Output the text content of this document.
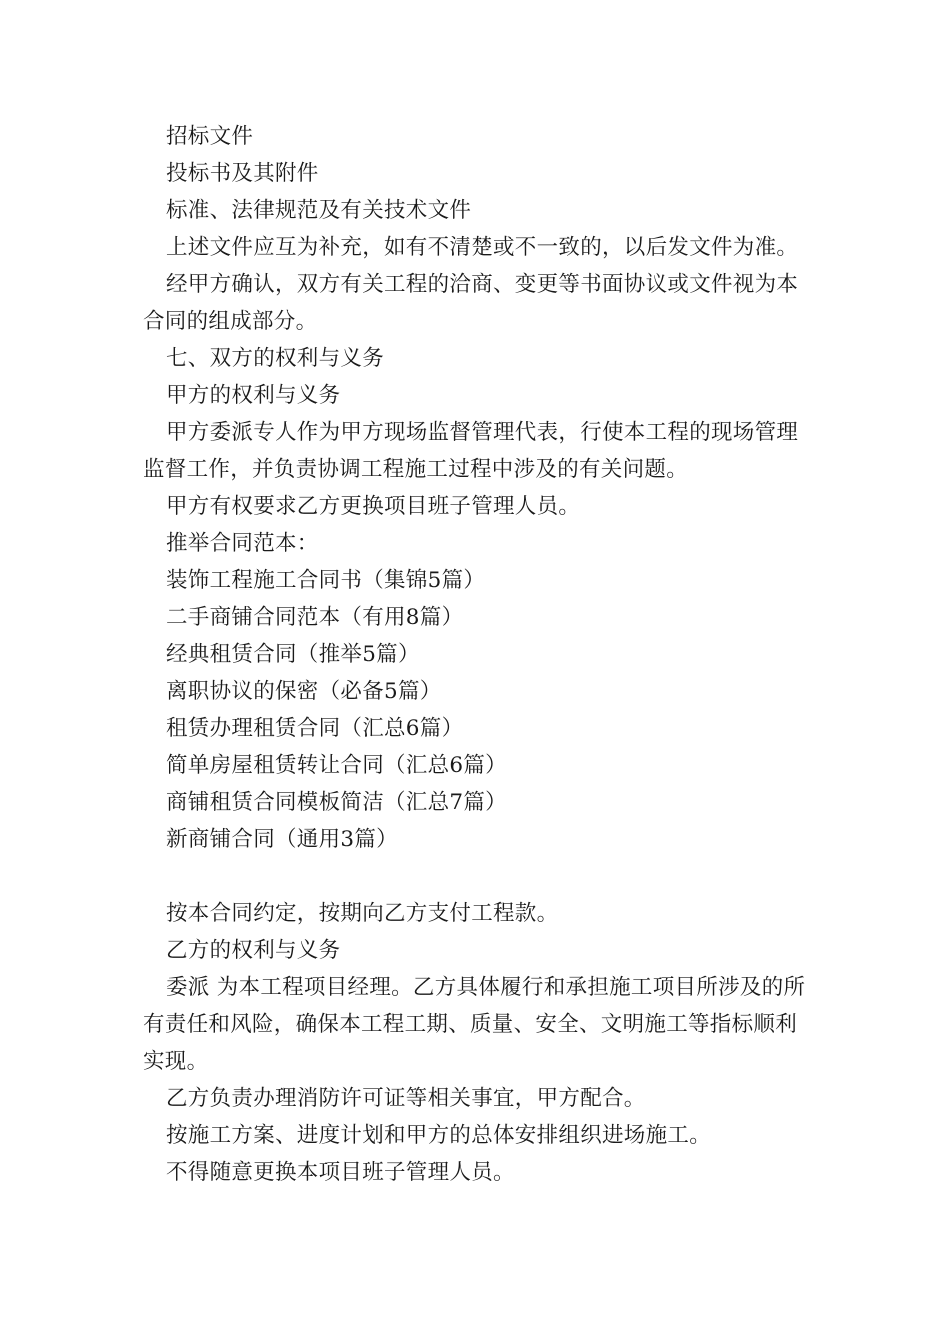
招标文件

投标书及其附件

标准、法律规范及有关技术文件

上述文件应互为补充，如有不清楚或不一致的，以后发文件为准。

经甲方确认，双方有关工程的洽商、变更等书面协议或文件视为本合同的组成部分。

七、双方的权利与义务

甲方的权利与义务

甲方委派专人作为甲方现场监督管理代表，行使本工程的现场管理监督工作，并负责协调工程施工过程中涉及的有关问题。

甲方有权要求乙方更换项目班子管理人员。

推举合同范本：

装饰工程施工合同书（集锦5篇）

二手商铺合同范本（有用8篇）

经典租赁合同（推举5篇）

离职协议的保密（必备5篇）

租赁办理租赁合同（汇总6篇）

简单房屋租赁转让合同（汇总6篇）

商铺租赁合同模板简洁（汇总7篇）

新商铺合同（通用3篇）

按本合同约定，按期向乙方支付工程款。

乙方的权利与义务

委派 为本工程项目经理。乙方具体履行和承担施工项目所涉及的所有责任和风险，确保本工程工期、质量、安全、文明施工等指标顺利实现。

乙方负责办理消防许可证等相关事宜，甲方配合。

按施工方案、进度计划和甲方的总体安排组织进场施工。

不得随意更换本项目班子管理人员。
